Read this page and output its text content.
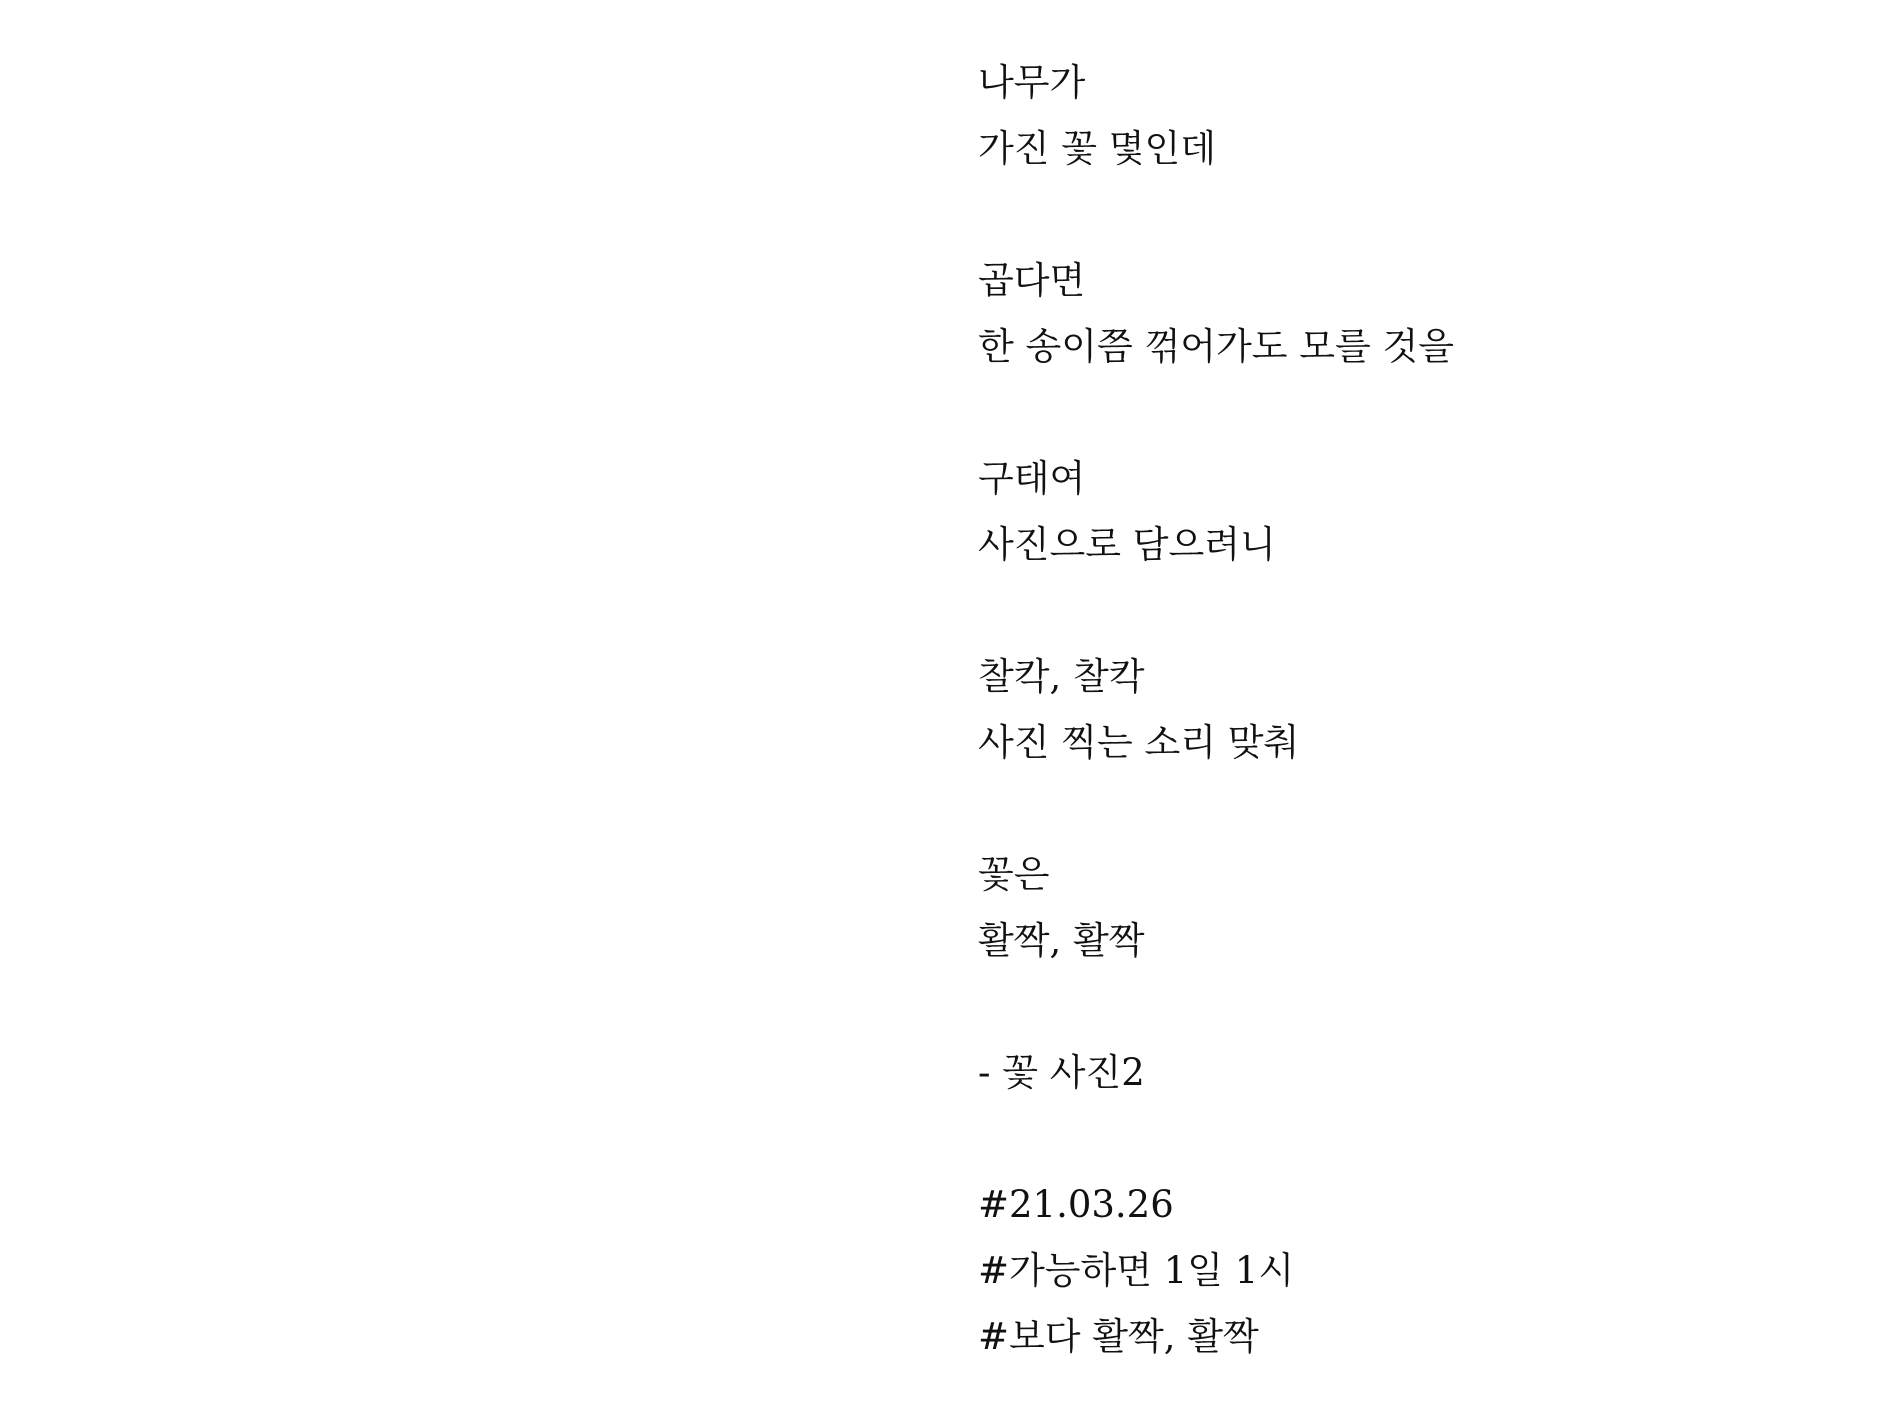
나무가
가진 꽃 몇인데
곱다면
한 송이쯤 꺾어가도 모를 것을
구태여
사진으로 담으려니
찰칵, 찰칵
사진 찍는 소리 맞춰
꽃은
활짝, 활짝
- 꽃 사진2
#21.03.26
#가능하면 1일 1시
#보다 활짝, 활짝
